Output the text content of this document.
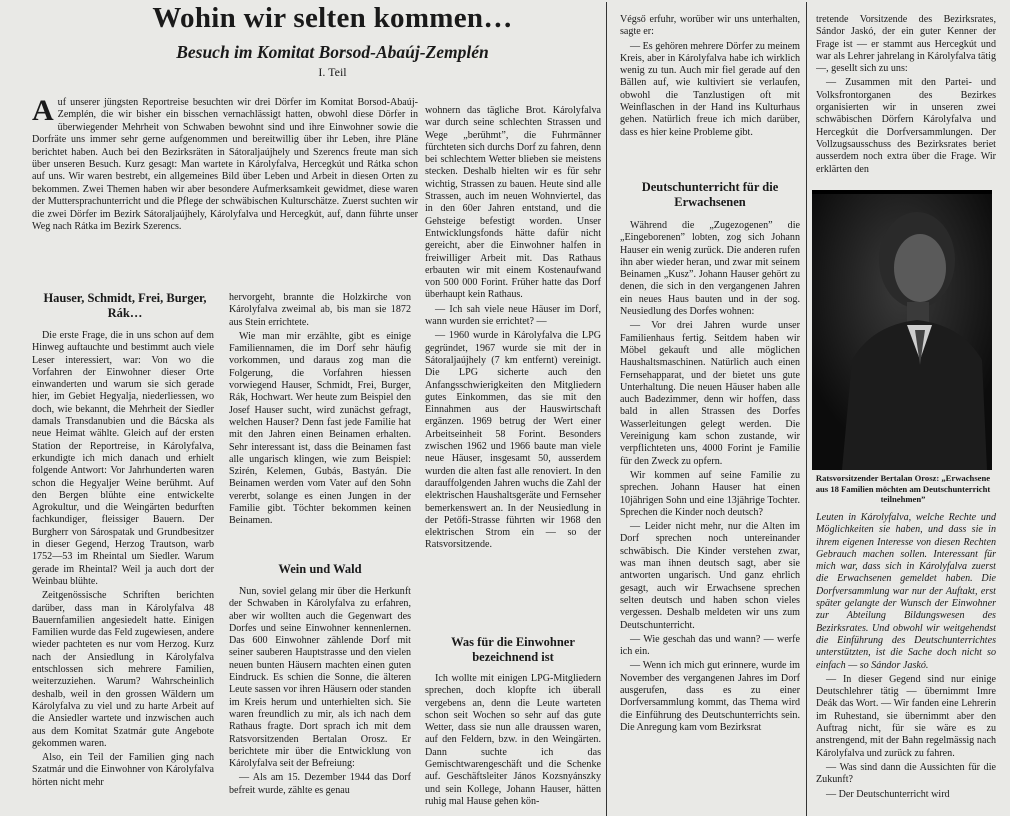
Wohin wir selten kommen…

Besuch im Komitat Borsod-Abaúj-Zemplén

I. Teil

Auf unserer jüngsten Reportreise besuchten wir drei Dörfer im Komitat Borsod-Abaúj-Zemplén, die wir bisher ein bisschen vernachlässigt hatten, obwohl diese Dörfer in überwiegender Mehrheit von Schwaben bewohnt sind und ihre Einwohner sowie die Dorfräte uns immer sehr gerne aufgenommen und bereitwillig über ihr Leben, ihre Pläne berichtet haben. Auch bei den Bezirksräten in Sátoraljaújhely und Szerencs freute man sich über unseren Besuch. Kurz gesagt: Man wartete in Károlyfalva, Hercegkút und Rátka schon auf uns. Wir waren bestrebt, ein allgemeines Bild über Leben und Arbeit in diesen Orten zu bekommen. Zwei Themen haben wir aber besondere Aufmerksamkeit gewidmet, diese waren der Muttersprachunterricht und die Pflege der schwäbischen Kulturschätze. Zuerst suchten wir die zwei Dörfer im Bezirk Sátoraljaújhely, Károlyfalva und Hercegkút, auf, dann führte unser Weg nach Rátka im Bezirk Szerencs.
Hauser, Schmidt, Frei, Burger, Rák…

Die erste Frage, die in uns schon auf dem Hinweg auftauchte und bestimmt auch viele Leser interessiert, war: Von wo die Vorfahren der Einwohner dieser Orte einwanderten und warum sie sich gerade hier, im Gebiet Hegyalja, niederliessen, wo doch, wie bekannt, die Mehrheit der Siedler damals Transdanubien und die Bácska als neue Heimat wählte. Gleich auf der ersten Station der Reportreise, in Károlyfalva, erkundigte ich mich danach und erhielt folgende Antwort: Vor Jahrhunderten waren schon die Hegyaljer Weine berühmt. Auf den Bergen blühte eine entwickelte Agrokultur, und die Weingärten bedurften fachkundiger, fleissiger Bauern. Der Burgherr von Sárospatak und Grundbesitzer in dieser Gegend, Herzog Trautson, warb 1752—53 im Rheintal um Siedler. Warum gerade im Rheintal? Weil ja auch dort der Weinbau blühte.

Zeitgenössische Schriften berichten darüber, dass man in Károlyfalva 48 Bauernfamilien angesiedelt hatte. Einigen Familien wurde das Feld zugewiesen, andere wieder pachteten es nur vom Herzog. Kurz nach der Ansiedlung in Károlyfalva entschlossen sich mehrere Familien, weiterzuziehen. Warum? Wahrscheinlich deshalb, weil in den grossen Wäldern um Károlyfalva zu viel und zu harte Arbeit auf die Ansiedler wartete und inzwischen auch aus dem Komitat Szatmár gute Angebote gekommen waren.

Also, ein Teil der Familien ging nach Szatmár und die Einwohner von Károlyfalva hörten nicht mehr

hervorgeht, brannte die Holzkirche von Károlyfalva zweimal ab, bis man sie 1872 aus Stein errichtete.

Wie man mir erzählte, gibt es einige Familiennamen, die im Dorf sehr häufig vorkommen, und daraus zog man die Folgerung, die Vorfahren hiessen vorwiegend Hauser, Schmidt, Frei, Burger, Rák, Hochwart. Wer heute zum Beispiel den Josef Hauser sucht, wird zunächst gefragt, welchen Hauser? Denn fast jede Familie hat mit den Jahren einen Beinamen erhalten. Sehr interessant ist, dass die Beinamen fast alle ungarisch klingen, wie zum Beispiel: Szirén, Kelemen, Gubás, Bastyán. Die Beinamen werden vom Vater auf den Sohn vererbt, solange es einen Jungen in der Familie gibt. Töchter bekommen keinen Beinamen.

Wein und Wald

Nun, soviel gelang mir über die Herkunft der Schwaben in Károlyfalva zu erfahren, aber wir wollten auch die Gegenwart des Dorfes und seine Einwohner kennenlernen. Das 600 Einwohner zählende Dorf mit seiner sauberen Hauptstrasse und den vielen neuen bunten Häusern machten einen guten Eindruck. Es schien die Sonne, die älteren Leute sassen vor ihren Häusern oder standen im Kreis herum und unterhielten sich. Sie waren freundlich zu mir, als ich nach dem Rathaus fragte. Dort sprach ich mit dem Ratsvorsitzenden Bertalan Orosz. Er berichtete mir über die Entwicklung von Károlyfalva seit der Befreiung:

— Als am 15. Dezember 1944 das Dorf befreit wurde, zählte es genau

wohnern das tägliche Brot. Károlyfalva war durch seine schlechten Strassen und Wege „berühmt”, die Fuhrmänner fürchteten sich durchs Dorf zu fahren, denn bei schlechtem Wetter blieben sie meistens stecken. Deshalb hielten wir es für sehr wichtig, Strassen zu bauen. Heute sind alle Strassen, auch im neuen Wohnviertel, das in den 60er Jahren entstand, und die Gehsteige befestigt worden. Unser Entwicklungsfonds hätte dafür nicht gereicht, aber die Einwohner halfen in freiwilliger Arbeit mit. Das Rathaus erbauten wir mit einem Kostenaufwand von 500 000 Forint. Früher hatte das Dorf überhaupt kein Rathaus.

— Ich sah viele neue Häuser im Dorf, wann wurden sie errichtet? —

— 1960 wurde in Károlyfalva die LPG gegründet, 1967 wurde sie mit der in Sátoraljaújhely (7 km entfernt) vereinigt. Die LPG sicherte auch den Anfangsschwierigkeiten den Mitgliedern gutes Einkommen, das sie mit den Einnahmen aus der Hauswirtschaft ergänzen. 1969 betrug der Wert einer Arbeitseinheit 58 Forint. Besonders zwischen 1962 und 1966 baute man viele neue Häuser, insgesamt 50, ausserdem wurden die alten fast alle renoviert. In den darauffolgenden Jahren wuchs die Zahl der elektrischen Haushaltsgeräte und Fernseher bemerkenswert an. In der Neusiedlung in der Petőfi-Strasse führten wir 1968 den elektrischen Strom ein — so der Ratsvorsitzende.

Was für die Einwohner bezeichnend ist

Ich wollte mit einigen LPG-Mitgliedern sprechen, doch klopfte ich überall vergebens an, denn die Leute warteten schon seit Wochen so sehr auf das gute Wetter, dass sie nun alle draussen waren, auf den Feldern, bzw. in den Weingärten. Dann suchte ich das Gemischtwarengeschäft und die Schenke auf. Geschäftsleiter János Kozsnyánszky und sein Kollege, Johann Hauser, hätten ruhig mal Hause gehen kön-

Végső erfuhr, worüber wir uns unterhalten, sagte er:

— Es gehören mehrere Dörfer zu meinem Kreis, aber in Károlyfalva habe ich wirklich wenig zu tun. Auch mir fiel gerade auf den Bällen auf, wie kultiviert sie verlaufen, obwohl die Tanzlustigen oft mit Weinflaschen in der Hand ins Kulturhaus gehen. Natürlich freue ich mich darüber, dass es hier keine Probleme gibt.

Deutschunterricht für die Erwachsenen

Während die „Zugezogenen” die „Eingeborenen” lobten, zog sich Johann Hauser ein wenig zurück. Die anderen rufen ihn aber wieder heran, und zwar mit seinem Beinamen „Kusz”. Johann Hauser gehört zu denen, die sich in den vergangenen Jahren ein neues Haus bauten und in der sog. Neusiedlung des Dorfes wohnen:

— Vor drei Jahren wurde unser Familienhaus fertig. Seitdem haben wir Möbel gekauft und alle möglichen Haushaltsmaschinen. Natürlich auch einen Fernsehapparat, und der bietet uns gute Unterhaltung. Die neuen Häuser haben alle auch Badezimmer, denn wir hoffen, dass bald in allen Strassen des Dorfes Wasserleitungen gelegt werden. Die Vereinigung kam schon zustande, wir verpflichteten uns, 4000 Forint je Familie für den Zweck zu opfern.

Wir kommen auf seine Familie zu sprechen. Johann Hauser hat einen 10jährigen Sohn und eine 13jährige Tochter. Sprechen die Kinder noch deutsch?

— Leider nicht mehr, nur die Alten im Dorf sprechen noch untereinander schwäbisch. Die Kinder verstehen zwar, was man ihnen deutsch sagt, aber sie antworten ungarisch. Und ganz ehrlich gesagt, auch wir Erwachsene sprechen selten deutsch und haben schon vieles vergessen. Deshalb meldeten wir uns zum Deutschunterricht.

— Wie geschah das und wann? — werfe ich ein.

— Wenn ich mich gut erinnere, wurde im November des vergangenen Jahres im Dorf ausgerufen, dass es zu einer Dorfversammlung kommt, das Thema wird die Einführung des Deutschunterrichts sein. Die Anregung kam vom Bezirksrat

tretende Vorsitzende des Bezirksrates, Sándor Jaskó, der ein guter Kenner der Frage ist — er stammt aus Hercegkút und war als Lehrer jahrelang in Károlyfalva tätig —, gesellt sich zu uns:

— Zusammen mit den Partei- und Volksfrontorganen des Bezirkes organisierten wir in unseren zwei schwäbischen Dörfern Károlyfalva und Hercegkút die Dorfversammlungen. Der Vollzugsausschuss des Bezirksrates beriet ausserdem noch extra über die Frage. Wir erklärten den

Ratsvorsitzender Bertalan Orosz: „Erwachsene aus 18 Familien möchten am Deutschunterricht teilnehmen”

Leuten in Károlyfalva, welche Rechte und Möglichkeiten sie haben, und dass sie in ihrem eigenen Interesse von diesen Rechten Gebrauch machen sollen. Interessant für mich war, dass sich in Károlyfalva zuerst die Erwachsenen gemeldet haben. Die Dorfversammlung war nur der Auftakt, erst später gelangte der Wunsch der Einwohner zur Abteilung Bildungswesen des Bezirksrates. Und obwohl wir weitgehendst die Einführung des Deutschunterrichtes unterstützten, ist die Sache doch nicht so einfach — so Sándor Jaskó.

— In dieser Gegend sind nur einige Deutschlehrer tätig — übernimmt Imre Deák das Wort. — Wir fanden eine Lehrerin im Ruhestand, sie übernimmt aber den Auftrag nicht, für sie wäre es zu anstrengend, mit der Bahn regelmässig nach Károlyfalva und zurück zu fahren.

— Was sind dann die Aussichten für die Zukunft?

— Der Deutschunterricht wird
